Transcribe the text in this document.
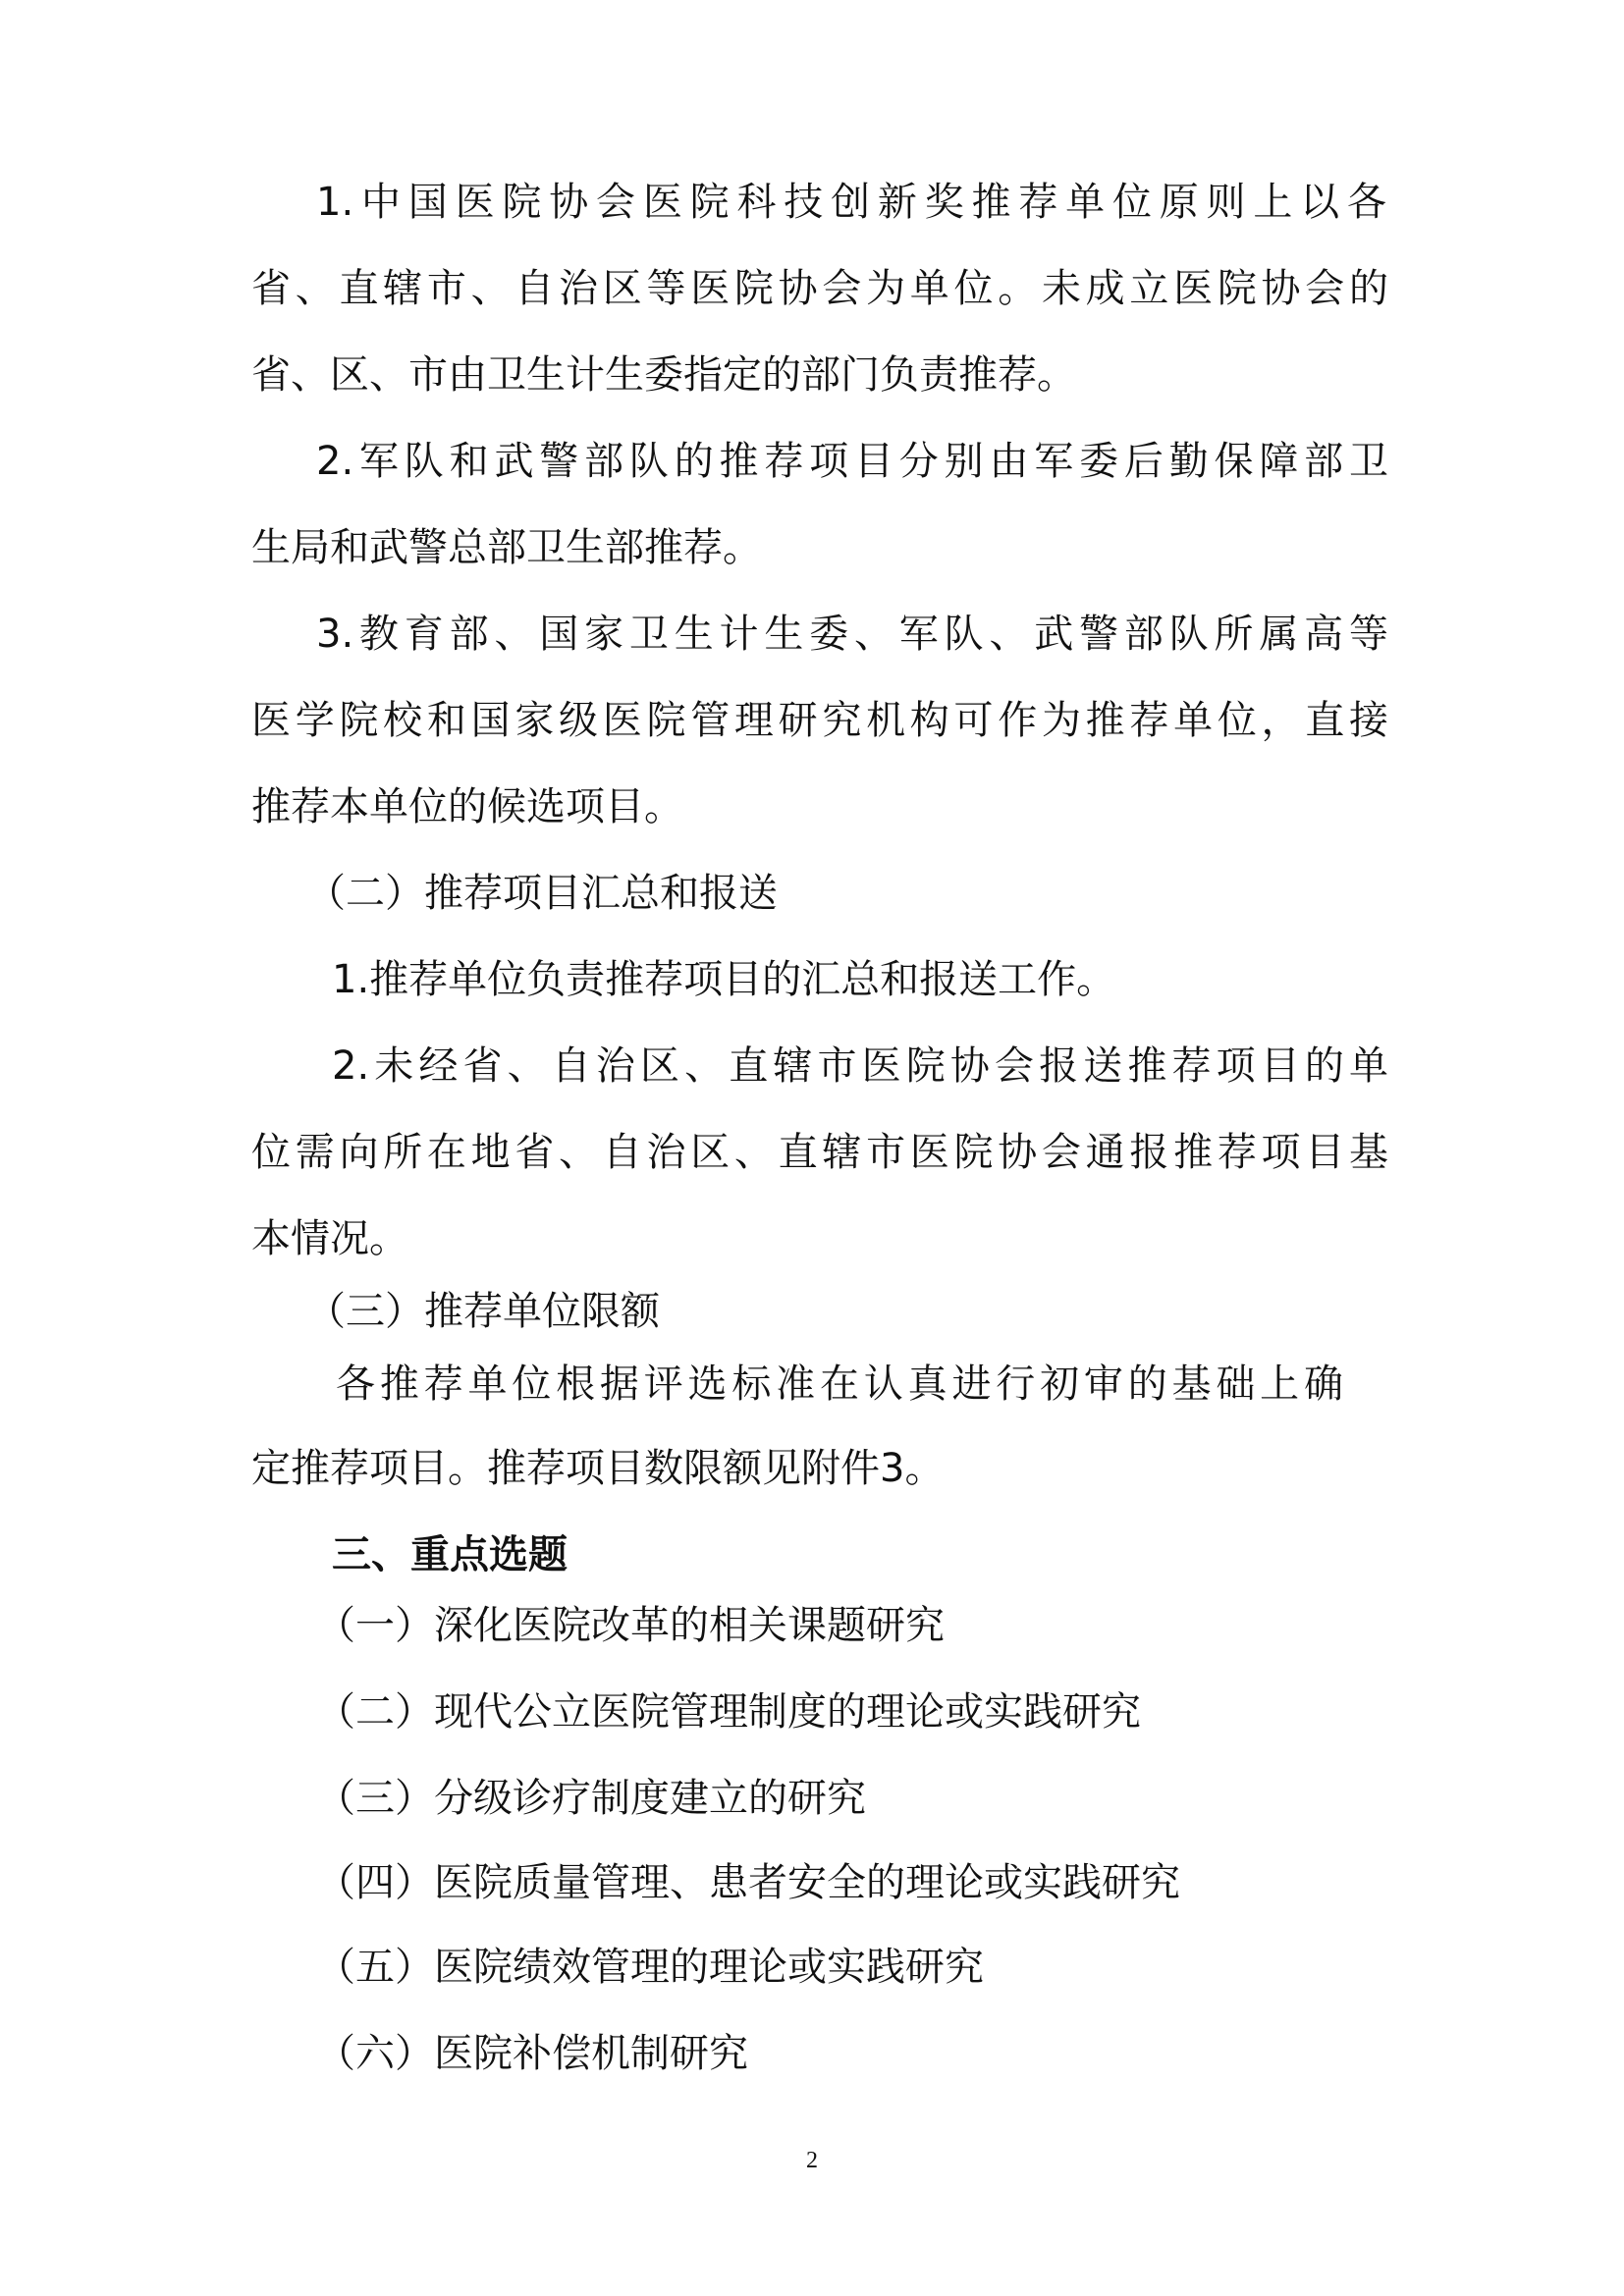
1.中国医院协会医院科技创新奖推荐单位原则上以各
省、直辖市、自治区等医院协会为单位。未成立医院协会的
省、区、市由卫生计生委指定的部门负责推荐。
2.军队和武警部队的推荐项目分别由军委后勤保障部卫
生局和武警总部卫生部推荐。
3.教育部、国家卫生计生委、军队、武警部队所属高等
医学院校和国家级医院管理研究机构可作为推荐单位，直接
推荐本单位的候选项目。
（二）推荐项目汇总和报送
1.推荐单位负责推荐项目的汇总和报送工作。
2.未经省、自治区、直辖市医院协会报送推荐项目的单
位需向所在地省、自治区、直辖市医院协会通报推荐项目基
本情况。
（三）推荐单位限额
各推荐单位根据评选标准在认真进行初审的基础上确
定推荐项目。推荐项目数限额见附件3。
三、重点选题
（一）深化医院改革的相关课题研究
（二）现代公立医院管理制度的理论或实践研究
（三）分级诊疗制度建立的研究
（四）医院质量管理、患者安全的理论或实践研究
（五）医院绩效管理的理论或实践研究
（六）医院补偿机制研究
2
